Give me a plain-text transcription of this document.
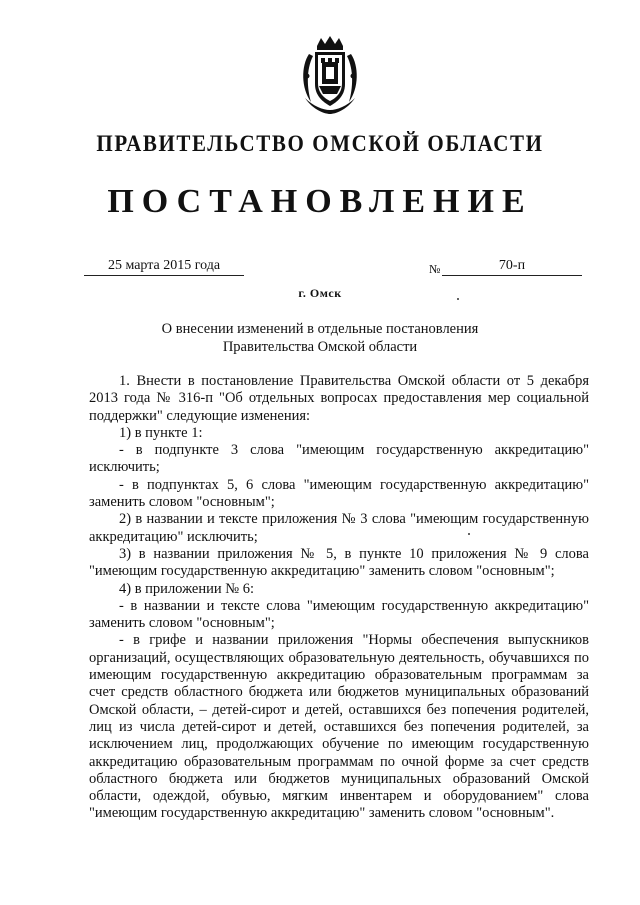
ПРАВИТЕЛЬСТВО ОМСКОЙ ОБЛАСТИ
ПОСТАНОВЛЕНИЕ
25 марта 2015 года	№	70-п
г. Омск
О внесении изменений в отдельные постановления
Правительства Омской области

1. Внести в постановление Правительства Омской области от 5 декабря 2013 года № 316-п "Об отдельных вопросах предоставления мер социальной поддержки" следующие изменения:

1) в пункте 1:

- в подпункте 3 слова "имеющим государственную аккредитацию" исключить;

- в подпунктах 5, 6 слова "имеющим государственную аккредитацию" заменить словом "основным";

2) в названии и тексте приложения № 3 слова "имеющим государственную аккредитацию" исключить;

3) в названии приложения № 5, в пункте 10 приложения № 9 слова "имеющим государственную аккредитацию" заменить словом "основным";

4) в приложении № 6:

- в названии и тексте слова "имеющим государственную аккредитацию" заменить словом "основным";

- в грифе и названии приложения "Нормы обеспечения выпускников организаций, осуществляющих образовательную деятельность, обучавшихся по имеющим государственную аккредитацию образовательным программам за счет средств областного бюджета или бюджетов муниципальных образований Омской области, – детей-сирот и детей, оставшихся без попечения родителей, лиц из числа детей-сирот и детей, оставшихся без попечения родителей, за исключением лиц, продолжающих обучение по имеющим государственную аккредитацию образовательным программам по очной форме за счет средств областного бюджета или бюджетов муниципальных образований Омской области, одеждой, обувью, мягким инвентарем и оборудованием" слова "имеющим государственную аккредитацию" заменить словом "основным".
